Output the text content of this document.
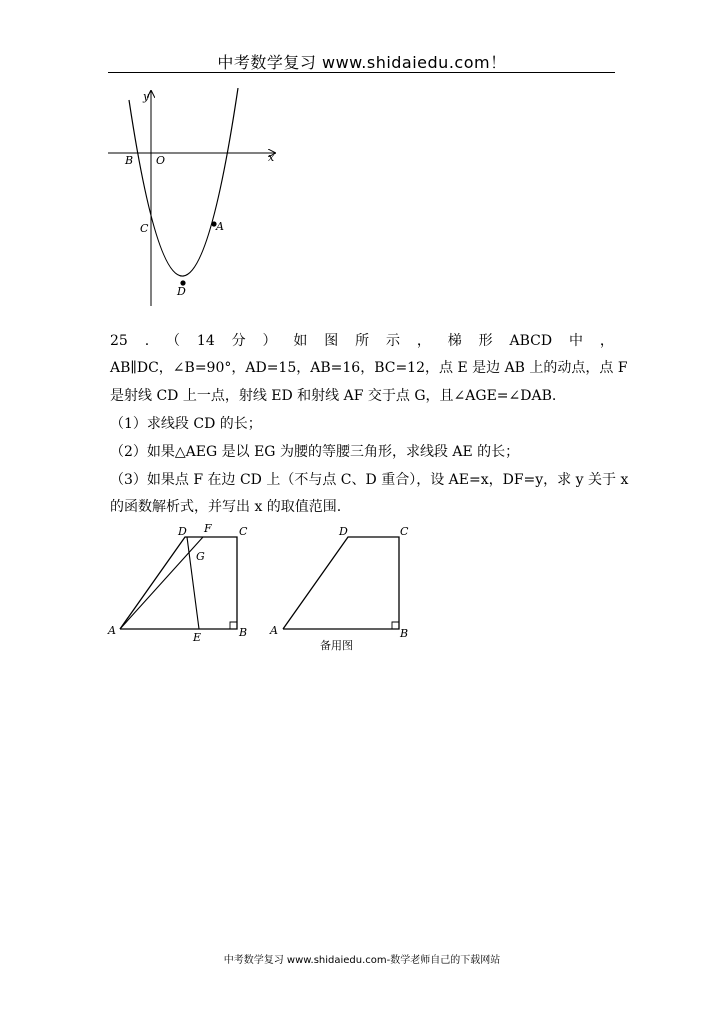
中考数学复习 www.shidaiedu.com！
y
x
B O
C	A
D
25 . （ 14 分 ） 如 图 所 示 ， 梯 形 ABCD 中 ，
AB∥DC，∠B=90°，AD=15，AB=16，BC=12，点 E 是边 AB 上的动点，点 F
是射线 CD 上一点，射线 ED 和射线 AF 交于点 G，且∠AGE=∠DAB.
（1）求线段 CD 的长；
（2）如果△AEG 是以 EG 为腰的等腰三角形，求线段 AE 的长；
（3）如果点 F 在边 CD 上（不与点 C、D 重合），设 AE=x，DF=y，求 y 关于 x
的函数解析式，并写出 x 的取值范围.
D F C
G
A
E	B
D	C
A	B
备用图
中考数学复习 www.shidaiedu.com-数学老师自己的下载网站
